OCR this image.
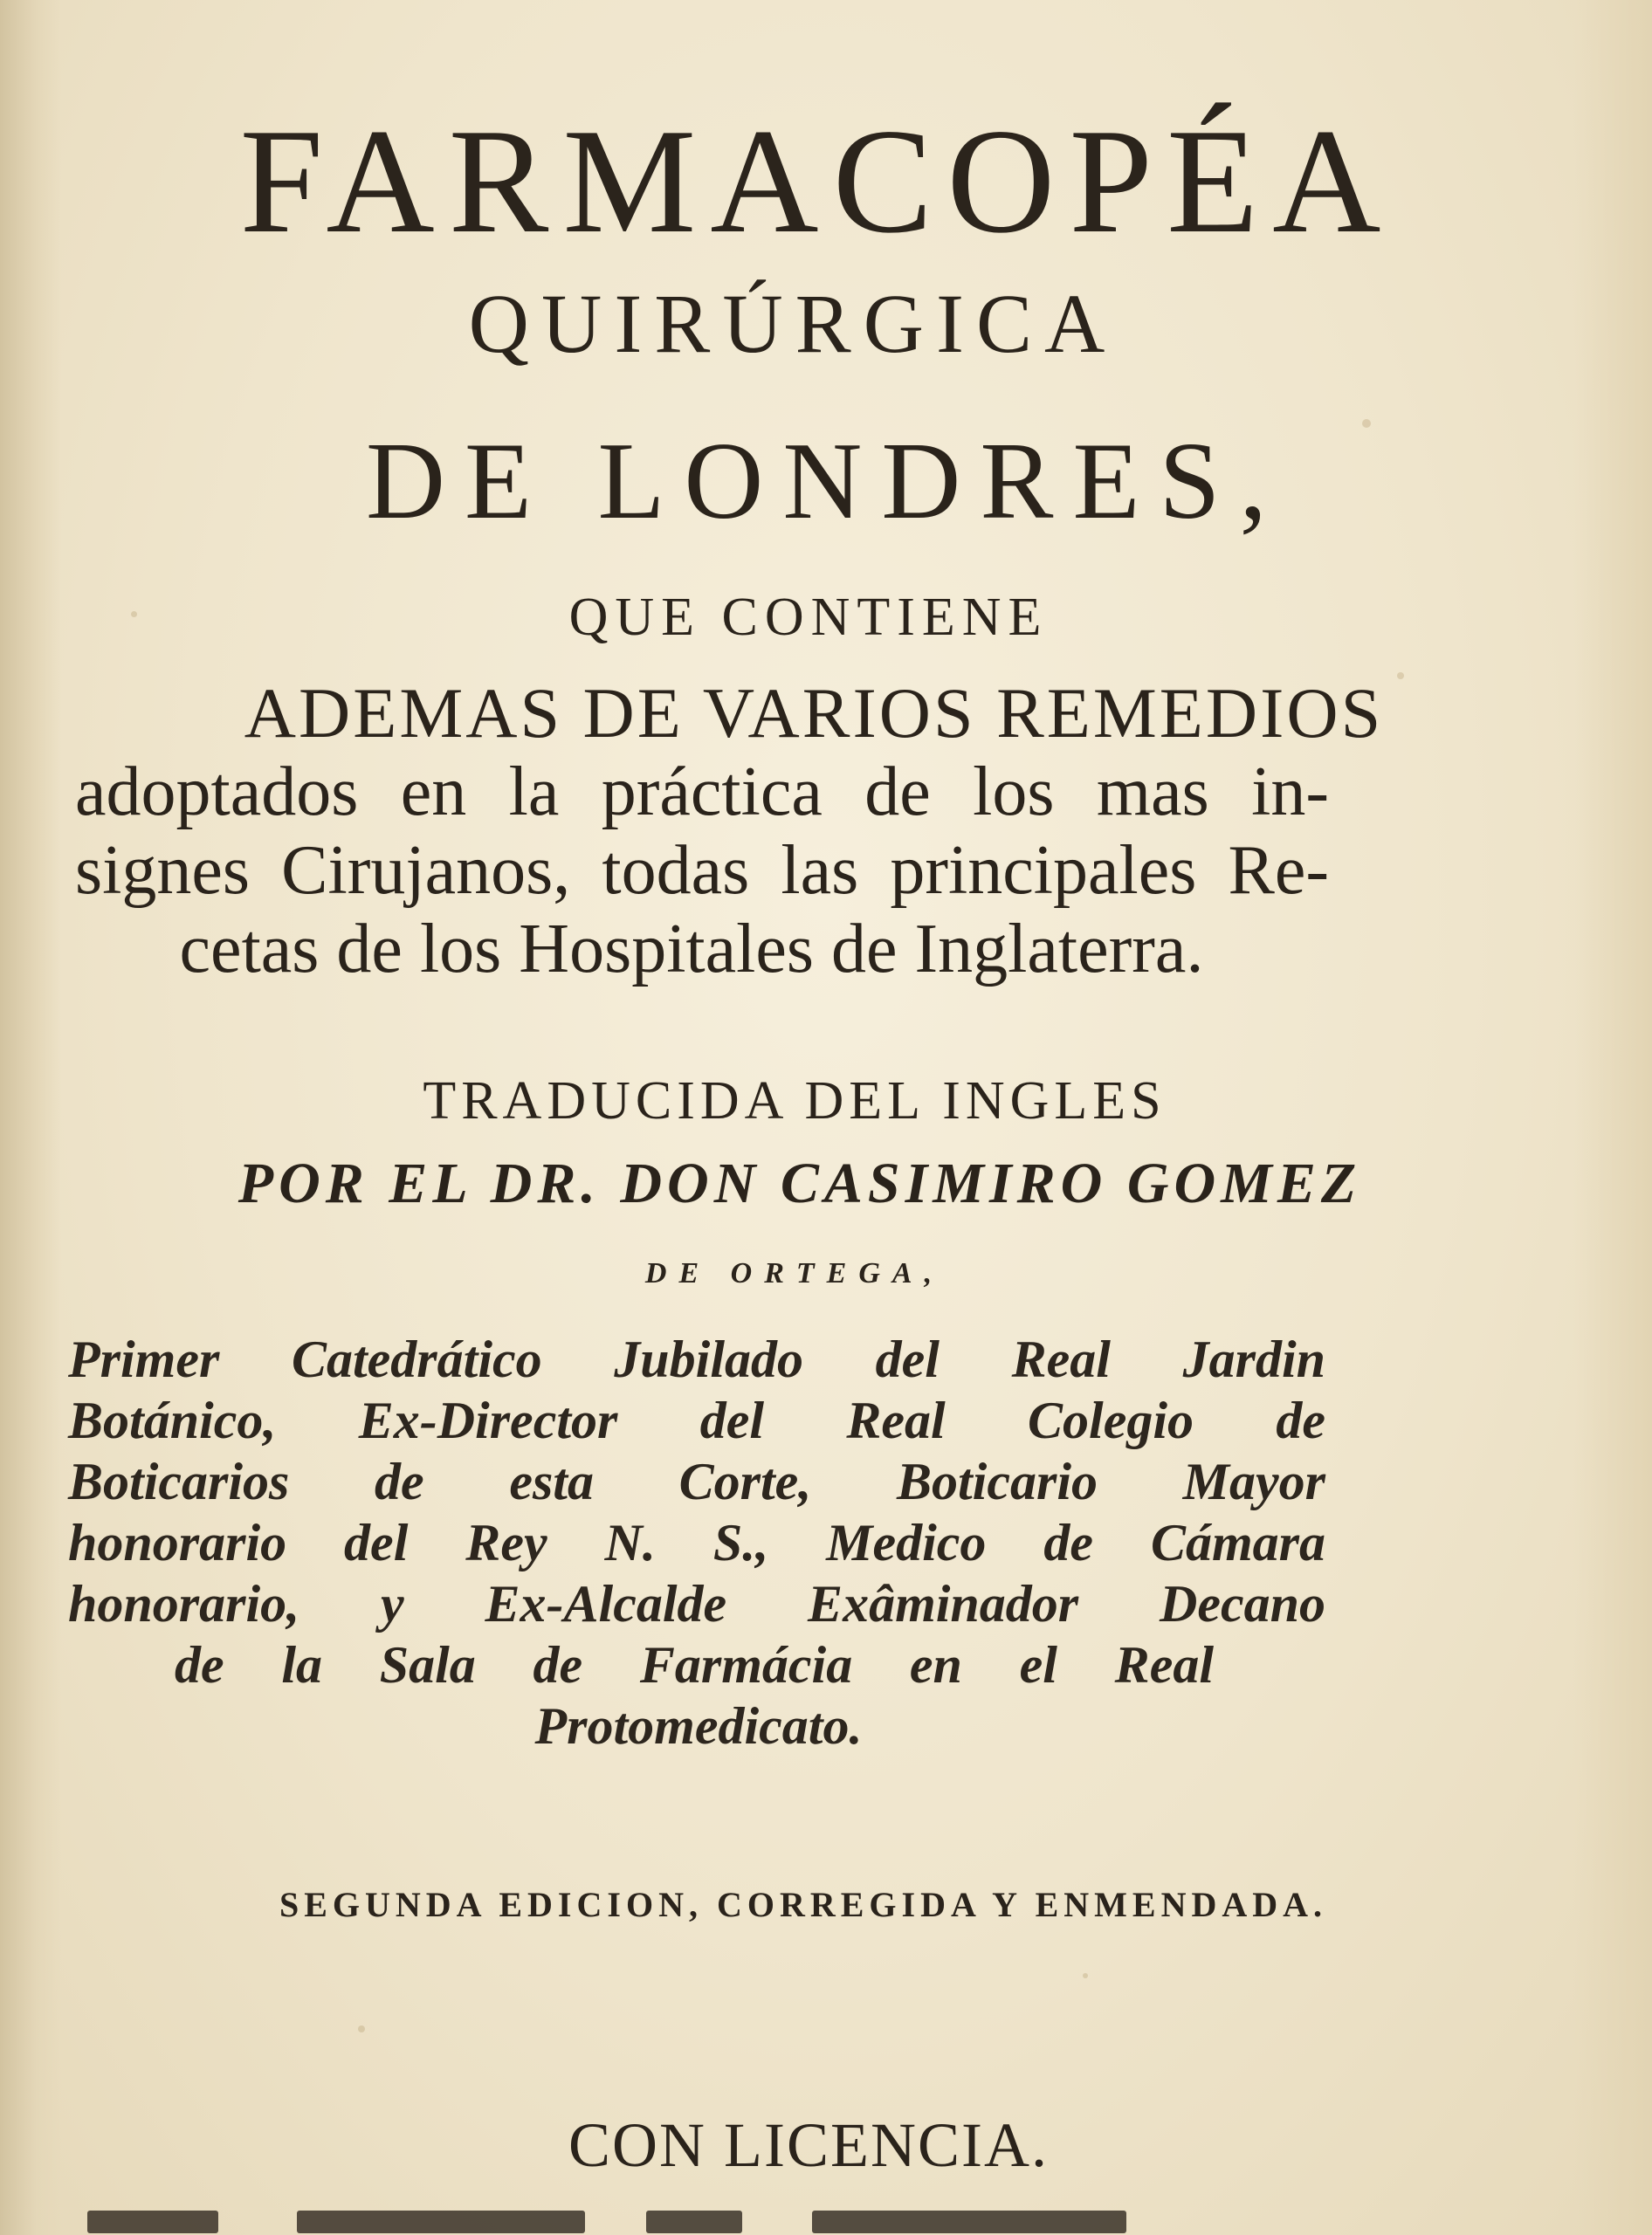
FARMACOPÉA
QUIRÚRGICA
DE LONDRES,
QUE CONTIENE
ADEMAS DE VARIOS REMEDIOS
adoptados en la práctica de los mas in-
signes Cirujanos, todas las principales Re-
cetas de los Hospitales de Inglaterra.
TRADUCIDA DEL INGLES
POR EL DR. DON CASIMIRO GOMEZ
DE ORTEGA,
Primer Catedrático Jubilado del Real Jardin
Botánico, Ex-Director del Real Colegio de
Boticarios de esta Corte, Boticario Mayor
honorario del Rey N. S., Medico de Cámara
honorario, y Ex-Alcalde Exâminador Decano
de la Sala de Farmácia en el Real
Protomedicato.
SEGUNDA EDICION, CORREGIDA Y ENMENDADA.
CON LICENCIA.
